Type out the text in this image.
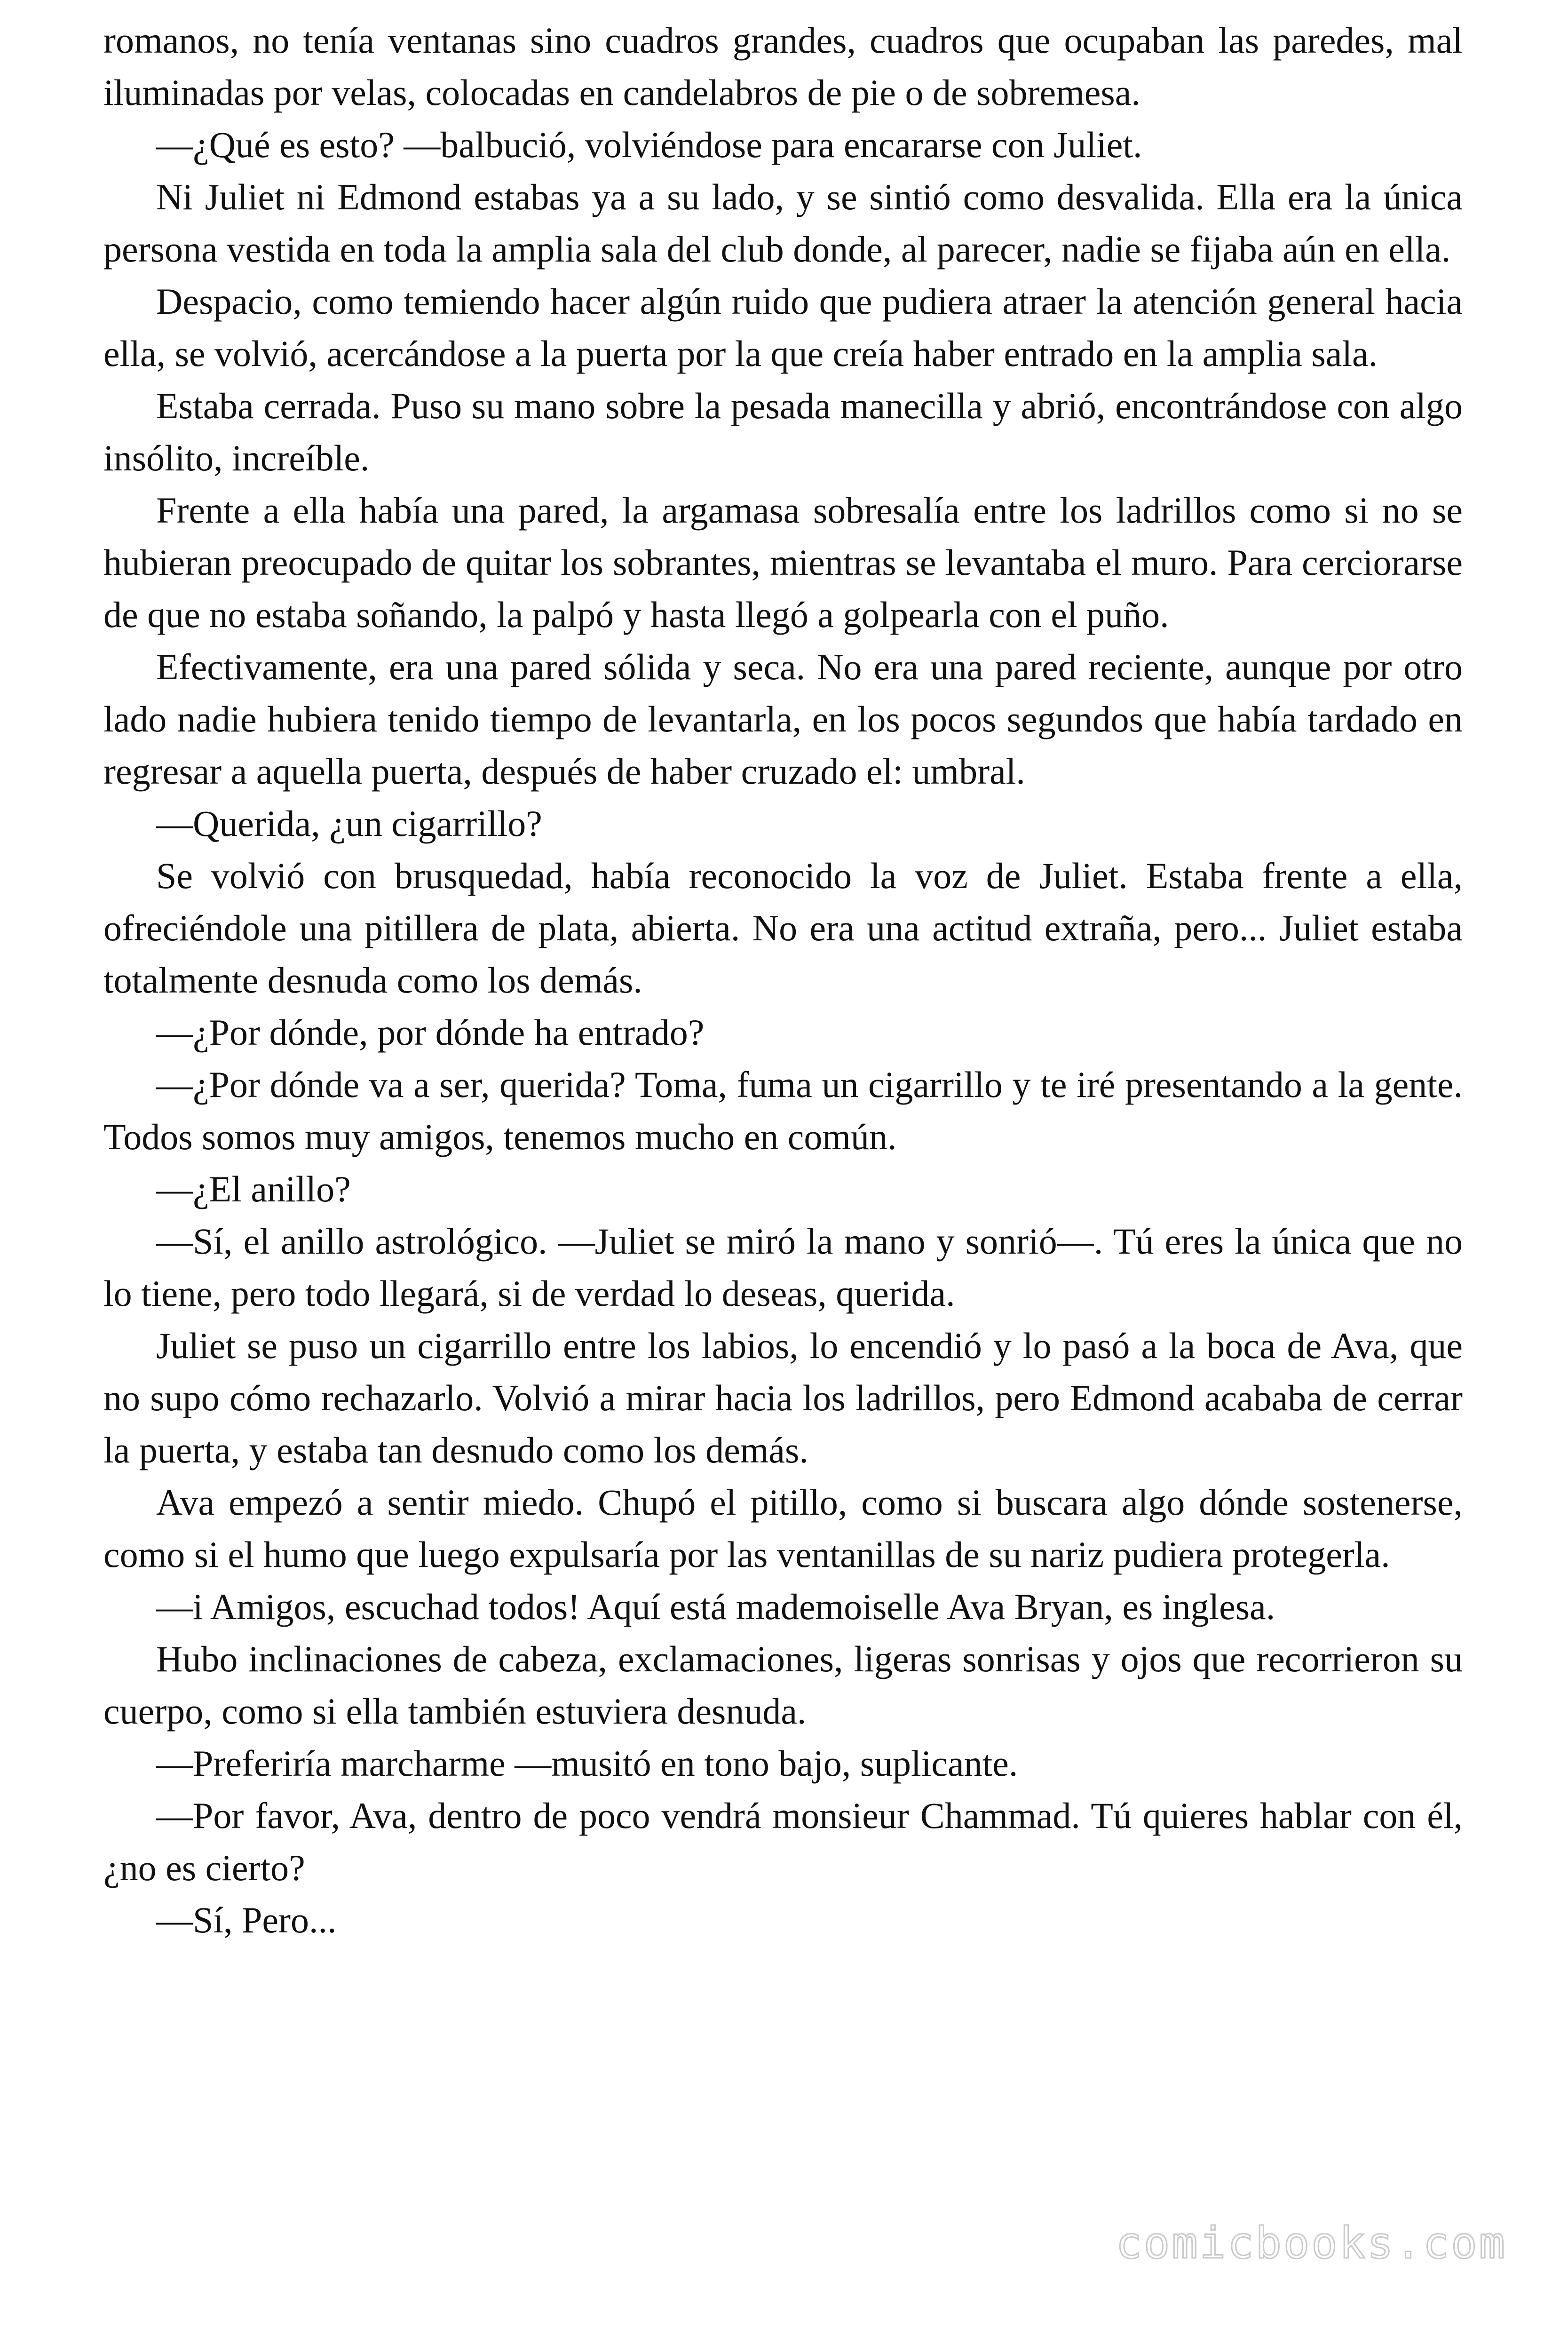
romanos, no tenía ventanas sino cuadros grandes, cuadros que ocupaban las paredes, mal iluminadas por velas, colocadas en candelabros de pie o de sobremesa.

—¿Qué es esto? —balbució, volviéndose para encararse con Juliet.

Ni Juliet ni Edmond estabas ya a su lado, y se sintió como desvalida. Ella era la única persona vestida en toda la amplia sala del club donde, al parecer, nadie se fijaba aún en ella.

Despacio, como temiendo hacer algún ruido que pudiera atraer la atención general hacia ella, se volvió, acercándose a la puerta por la que creía haber entrado en la amplia sala.

Estaba cerrada. Puso su mano sobre la pesada manecilla y abrió, encontrándose con algo insólito, increíble.

Frente a ella había una pared, la argamasa sobresalía entre los ladrillos como si no se hubieran preocupado de quitar los sobrantes, mientras se levantaba el muro. Para cerciorarse de que no estaba soñando, la palpó y hasta llegó a golpearla con el puño.

Efectivamente, era una pared sólida y seca. No era una pared reciente, aunque por otro lado nadie hubiera tenido tiempo de levantarla, en los pocos segundos que había tardado en regresar a aquella puerta, después de haber cruzado el: umbral.

—Querida, ¿un cigarrillo?

Se volvió con brusquedad, había reconocido la voz de Juliet. Estaba frente a ella, ofreciéndole una pitillera de plata, abierta. No era una actitud extraña, pero... Juliet estaba totalmente desnuda como los demás.

—¿Por dónde, por dónde ha entrado?

—¿Por dónde va a ser, querida? Toma, fuma un cigarrillo y te iré presentando a la gente. Todos somos muy amigos, tenemos mucho en común.

—¿El anillo?

—Sí, el anillo astrológico. —Juliet se miró la mano y sonrió—. Tú eres la única que no lo tiene, pero todo llegará, si de verdad lo deseas, querida.

Juliet se puso un cigarrillo entre los labios, lo encendió y lo pasó a la boca de Ava, que no supo cómo rechazarlo. Volvió a mirar hacia los ladrillos, pero Edmond acababa de cerrar la puerta, y estaba tan desnudo como los demás.

Ava empezó a sentir miedo. Chupó el pitillo, como si buscara algo dónde sostenerse, como si el humo que luego expulsaría por las ventanillas de su nariz pudiera protegerla.

—i Amigos, escuchad todos! Aquí está mademoiselle Ava Bryan, es inglesa.

Hubo inclinaciones de cabeza, exclamaciones, ligeras sonrisas y ojos que recorrieron su cuerpo, como si ella también estuviera desnuda.

—Preferiría marcharme —musitó en tono bajo, suplicante.

—Por favor, Ava, dentro de poco vendrá monsieur Chammad. Tú quieres hablar con él, ¿no es cierto?

—Sí, Pero...

comicbooks.com
